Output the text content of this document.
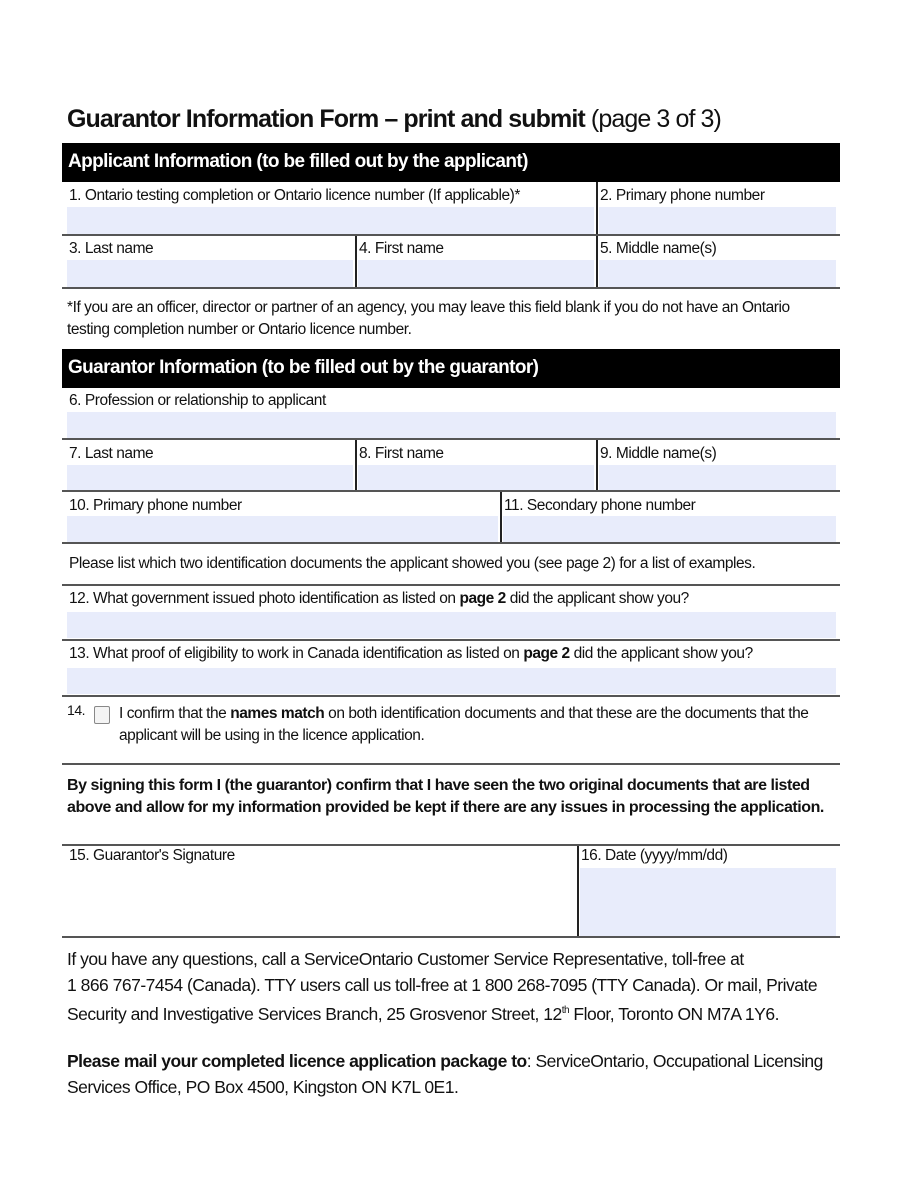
Guarantor Information Form – print and submit (page 3 of 3)
Applicant Information (to be filled out by the applicant)
1. Ontario testing completion or Ontario licence number (If applicable)*	2. Primary phone number
3. Last name	4. First name	5. Middle name(s)
*If you are an officer, director or partner of an agency, you may leave this field blank if you do not have an Ontario
testing completion number or Ontario licence number.
Guarantor Information (to be filled out by the guarantor)
6. Profession or relationship to applicant
7. Last name	8. First name	9. Middle name(s)
10. Primary phone number	11. Secondary phone number
Please list which two identification documents the applicant showed you (see page 2) for a list of examples.
12. What government issued photo identification as listed on page 2 did the applicant show you?
13. What proof of eligibility to work in Canada identification as listed on page 2 did the applicant show you?
14. I confirm that the names match on both identification documents and that these are the documents that the
applicant will be using in the licence application.
By signing this form I (the guarantor) confirm that I have seen the two original documents that are listed
above and allow for my information provided be kept if there are any issues in processing the application.
15. Guarantor's Signature	16. Date (yyyy/mm/dd)
If you have any questions, call a ServiceOntario Customer Service Representative, toll-free at
1 866 767-7454 (Canada). TTY users call us toll-free at 1 800 268-7095 (TTY Canada). Or mail, Private
Security and Investigative Services Branch, 25 Grosvenor Street, 12th Floor, Toronto ON M7A 1Y6.
Please mail your completed licence application package to: ServiceOntario, Occupational Licensing
Services Office, PO Box 4500, Kingston ON K7L 0E1.
